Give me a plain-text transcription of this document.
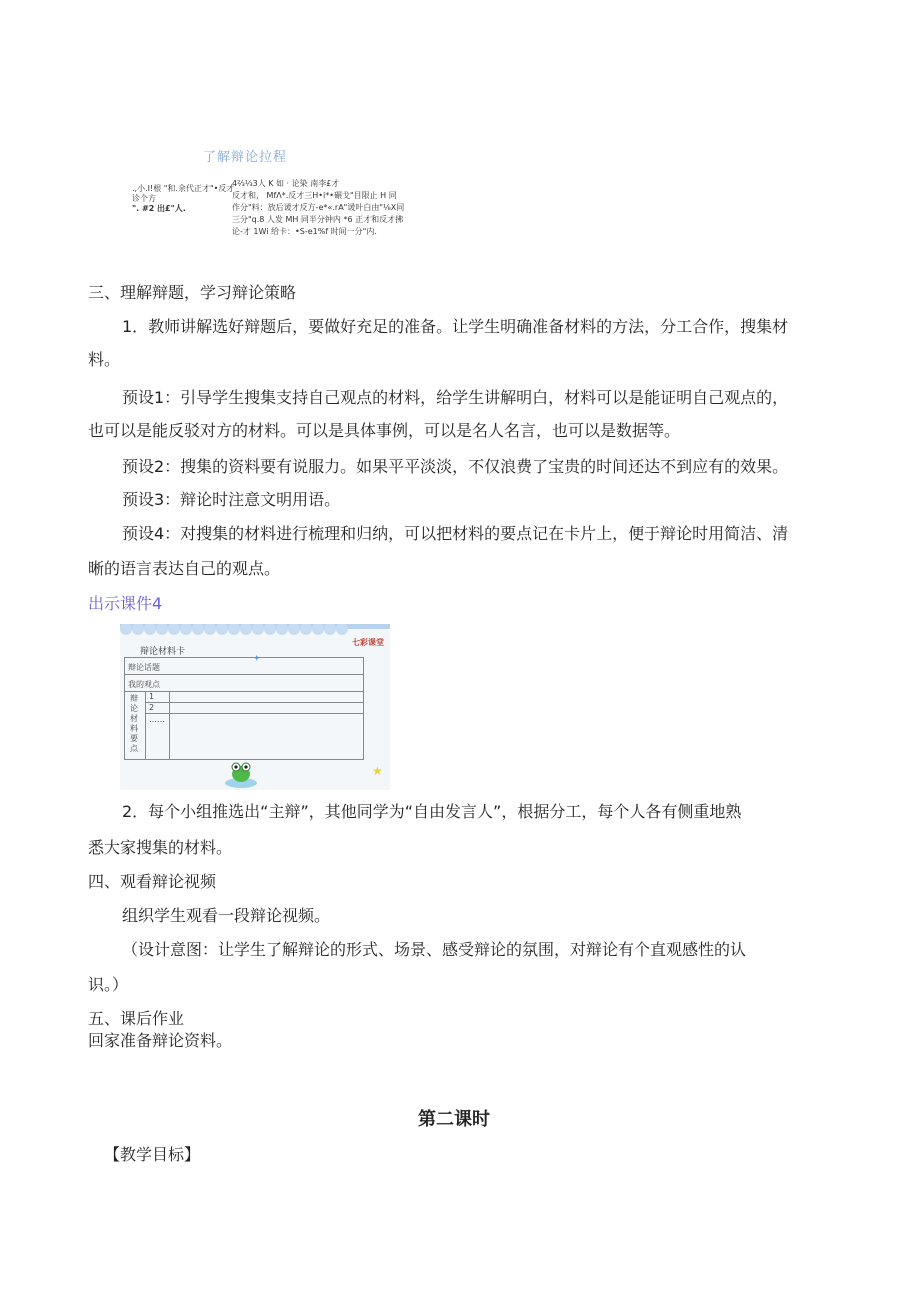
了解辩论拉程
.,小.I!根 "和.余代正才"•反才
诊个方
". #2 出£"人.
4⅔⅓3人 K 如 · 论染 南李£才
反才和， MfΛ*.反才三H•i*•碾戈"目限止 H 同
作分"料：放后谖才反方-e*«.rA"谖叶白由"⅛X同
三分"q.8 人发 MH 同半分钟内 *6 正才和反才拂
论-才 1Wi 给卡：•S-e1%f 时间一分"内.
三、理解辩题，学习辩论策略
1．教师讲解选好辩题后，要做好充足的准备。让学生明确准备材料的方法，分工合作，搜集材
料。
预设1：引导学生搜集支持自己观点的材料，给学生讲解明白，材料可以是能证明自己观点的，
也可以是能反驳对方的材料。可以是具体事例，可以是名人名言，也可以是数据等。
预设2：搜集的资料要有说服力。如果平平淡淡，不仅浪费了宝贵的时间还达不到应有的效果。
预设3：辩论时注意文明用语。
预设4：对搜集的材料进行梳理和归纳，可以把材料的要点记在卡片上，便于辩论时用简洁、清
晰的语言表达自己的观点。
出示课件4
辩论材料卡
七彩课堂
✦
辩论话题
我的观点
辩
论
材
料
要
点
1
2
……
★
2．每个小组推选出“主辩”，其他同学为“自由发言人”，根据分工，每个人各有侧重地熟
悉大家搜集的材料。
四、观看辩论视频
组织学生观看一段辩论视频。
（设计意图：让学生了解辩论的形式、场景、感受辩论的氛围，对辩论有个直观感性的认
识。）
五、课后作业
回家准备辩论资料。
第二课时
【教学目标】
